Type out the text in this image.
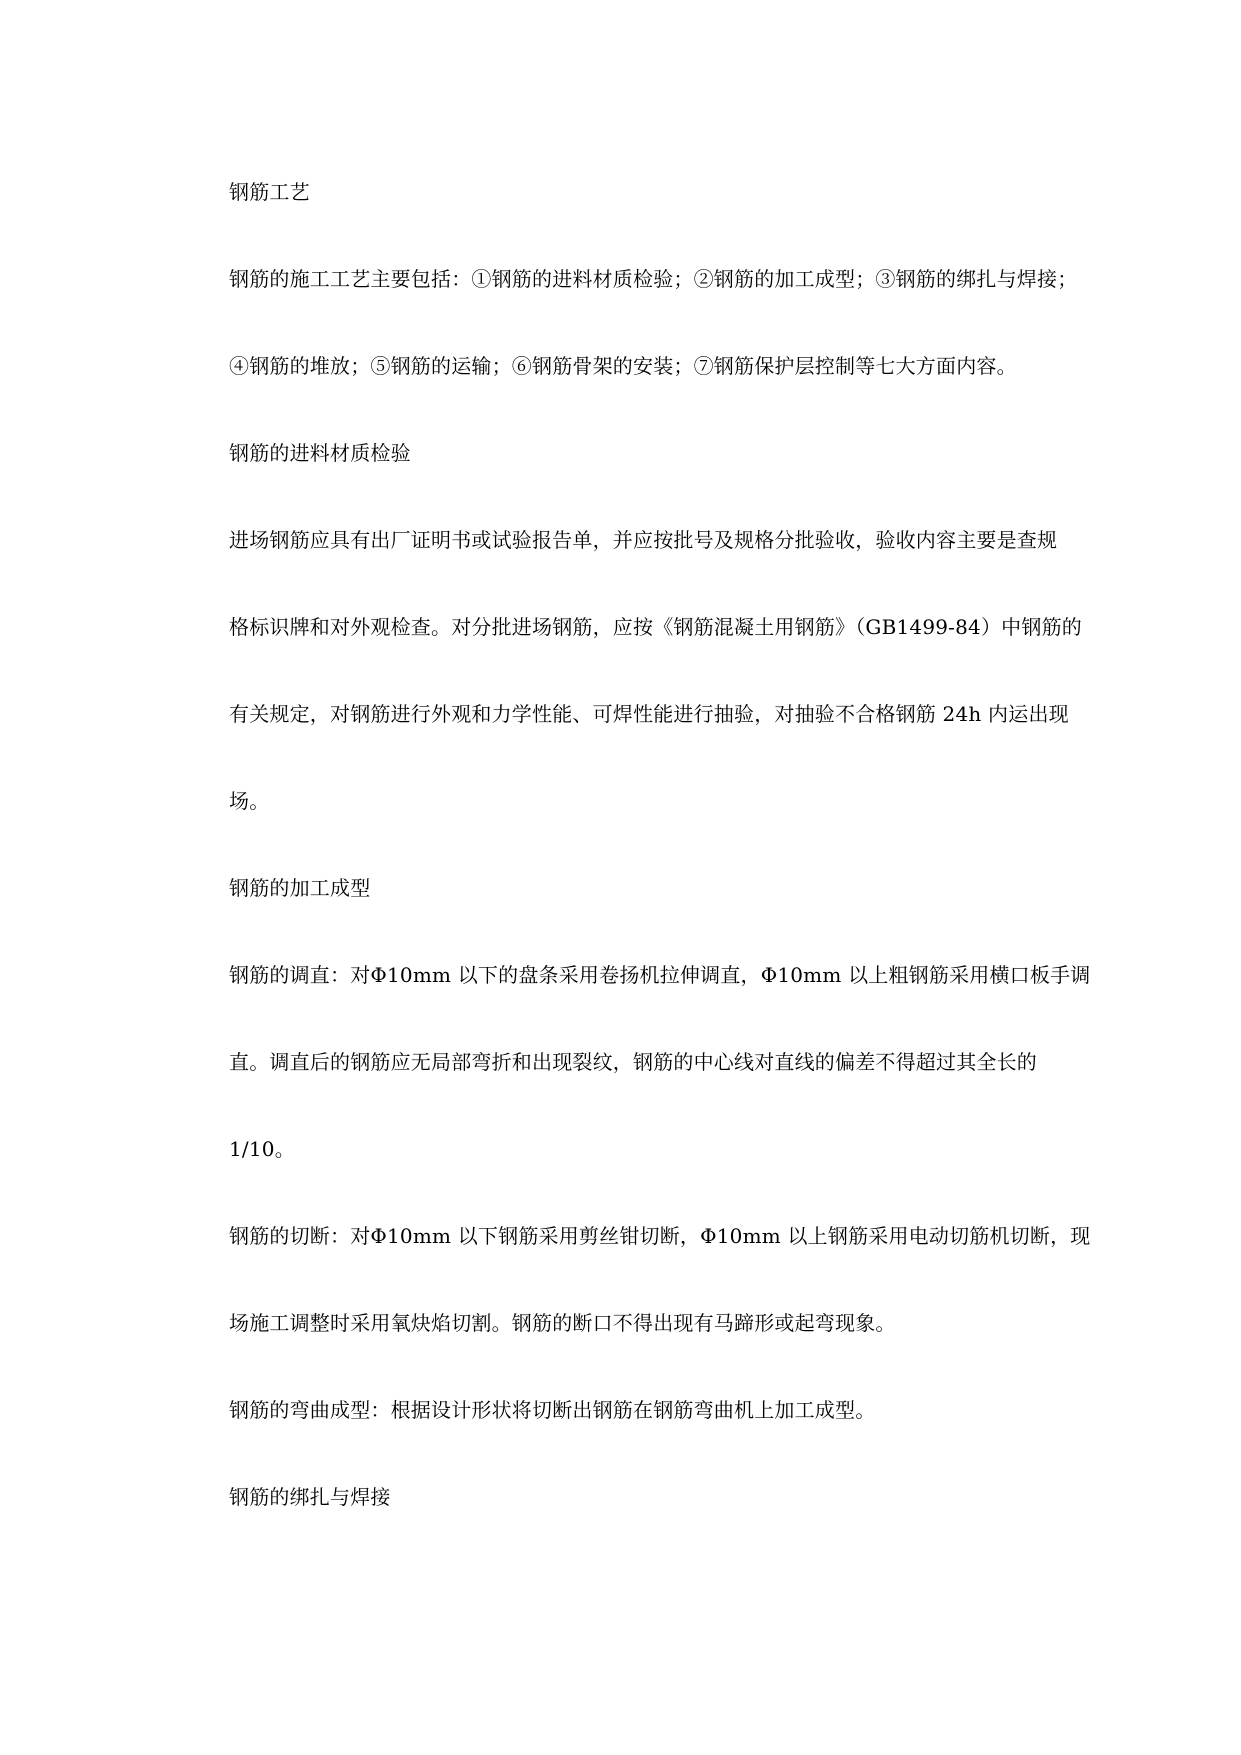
钢筋工艺
钢筋的施工工艺主要包括：①钢筋的进料材质检验；②钢筋的加工成型；③钢筋的绑扎与焊接；
④钢筋的堆放；⑤钢筋的运输；⑥钢筋骨架的安装；⑦钢筋保护层控制等七大方面内容。
钢筋的进料材质检验
进场钢筋应具有出厂证明书或试验报告单，并应按批号及规格分批验收，验收内容主要是查规
格标识牌和对外观检查。对分批进场钢筋，应按《钢筋混凝土用钢筋》（GB1499-84）中钢筋的
有关规定，对钢筋进行外观和力学性能、可焊性能进行抽验，对抽验不合格钢筋 24h 内运出现
场。
钢筋的加工成型
钢筋的调直：对Φ10mm 以下的盘条采用卷扬机拉伸调直，Φ10mm 以上粗钢筋采用横口板手调
直。调直后的钢筋应无局部弯折和出现裂纹，钢筋的中心线对直线的偏差不得超过其全长的
1/10。
钢筋的切断：对Φ10mm 以下钢筋采用剪丝钳切断，Φ10mm 以上钢筋采用电动切筋机切断，现
场施工调整时采用氧炔焰切割。钢筋的断口不得出现有马蹄形或起弯现象。
钢筋的弯曲成型：根据设计形状将切断出钢筋在钢筋弯曲机上加工成型。
钢筋的绑扎与焊接
